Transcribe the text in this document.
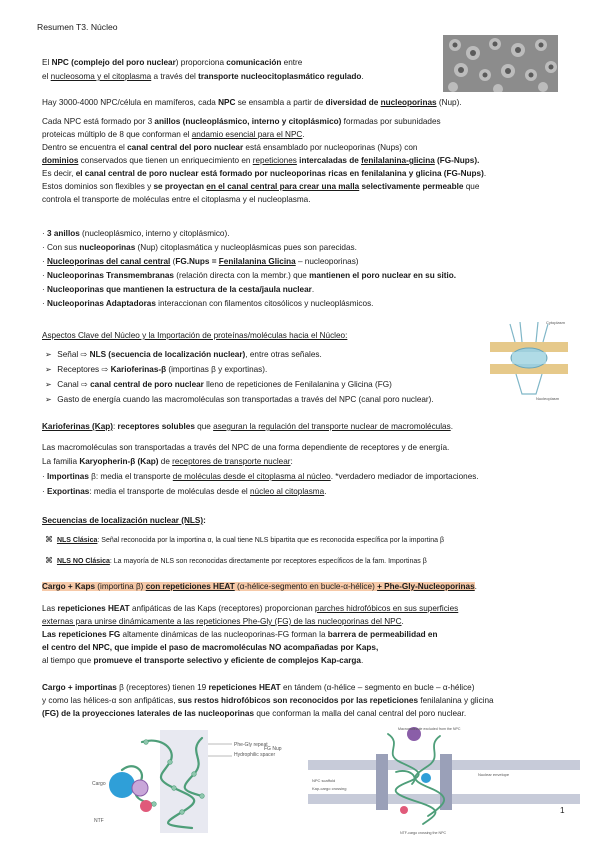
Resumen T3. Núcleo
El NPC (complejo del poro nuclear) proporciona comunicación entre
el nucleosoma y el citoplasma a través del transporte nucleocitoplasmático regulado.
Hay 3000-4000 NPC/célula en mamíferos, cada NPC se ensambla a partir de diversidad de nucleoporinas (Nup).
Cada NPC está formado por 3 anillos (nucleoplásmico, interno y citoplásmico) formadas por subunidades
proteicas múltiplo de 8 que conforman el andamio esencial para el NPC.
Dentro se encuentra el canal central del poro nuclear está ensamblado por nucleoporinas (Nups) con
dominios conservados que tienen un enriquecimiento en repeticiones intercaladas de fenilalanina-glicina (FG-Nups).
Es decir, el canal central de poro nuclear está formado por nucleoporinas ricas en fenilalanina y glicina (FG-Nups).
Estos dominios son flexibles y se proyectan en el canal central para crear una malla selectivamente permeable que
controla el transporte de moléculas entre el citoplasma y el nucleoplasma.
· 3 anillos (nucleoplásmico, interno y citoplásmico).
· Con sus nucleoporinas (Nup) citoplasmática y nucleoplásmicas pues son parecidas.
· Nucleoporinas del canal central (FG.Nups = Fenilalanina Glicina – nucleoporinas)
· Nucleoporinas Transmembranas (relación directa con la membr.) que mantienen el poro nuclear en su sitio.
· Nucleoporinas que mantienen la estructura de la cesta/jaula nuclear.
· Nucleoporinas Adaptadoras interaccionan con filamentos citosólicos y nucleoplásmicos.
Cytoplasm
Nucleoplasm
Aspectos Clave del Núcleo y la Importación de proteínas/moléculas hacia el Núcleo:
➢ Señal ⇨ NLS (secuencia de localización nuclear), entre otras señales.
➢ Receptores ⇨ Karioferinas-β (importinas β y exportinas).
➢ Canal ⇨ canal central de poro nuclear lleno de repeticiones de Fenilalanina y Glicina (FG)
➢ Gasto de energía cuando las macromoléculas son transportadas a través del NPC (canal poro nuclear).
Karioferinas (Kap): receptores solubles que aseguran la regulación del transporte nuclear de macromoléculas.
Las macromoléculas son transportadas a través del NPC de una forma dependiente de receptores y de energía.
La familia Karyopherin-β (Kap) de receptores de transporte nuclear:
· Importinas β: media el transporte de moléculas desde el citoplasma al núcleo. *verdadero mediador de importaciones.
· Exportinas: media el transporte de moléculas desde el núcleo al citoplasma.
Secuencias de localización nuclear (NLS):
⌘ NLS Clásica: Señal reconocida por la importina α, la cual tiene NLS bipartita que es reconocida específica por la importina β
⌘ NLS NO Clásica: La mayoría de NLS son reconocidas directamente por receptores específicos de la fam. Importinas β
Cargo + Kaps (importina β) con repeticiones HEAT (α-hélice-segmento en bucle-α-hélice) + Phe-Gly-Nucleoporinas.
Las repeticiones HEAT anfipáticas de las Kaps (receptores) proporcionan parches hidrofóbicos en sus superficies
externas para unirse dinámicamente a las repeticiones Phe-Gly (FG) de las nucleoporinas del NPC.
Las repeticiones FG altamente dinámicas de las nucleoporinas-FG forman la barrera de permeabilidad en
el centro del NPC, que impide el paso de macromoléculas NO acompañadas por Kaps,
al tiempo que promueve el transporte selectivo y eficiente de complejos Kap-carga.
Cargo + importinas β (receptores) tienen 19 repeticiones HEAT en tándem (α-hélice – segmento en bucle – α-hélice)
y como las hélices-α son anfipáticas, sus restos hidrofóbicos son reconocidos por las repeticiones fenilalanina y glicina
(FG) de la proyecciones laterales de las nucleoporinas que conforman la malla del canal central del poro nuclear.
Phe-Gly repeat
Hydrophilic spacer
FG Nup
Cargo
NTF
Macromolecule excluded from the NPC
Nuclear envelope
NPC scaffold
Kap-cargo crossing
NTF-cargo crossing the NPC
1
